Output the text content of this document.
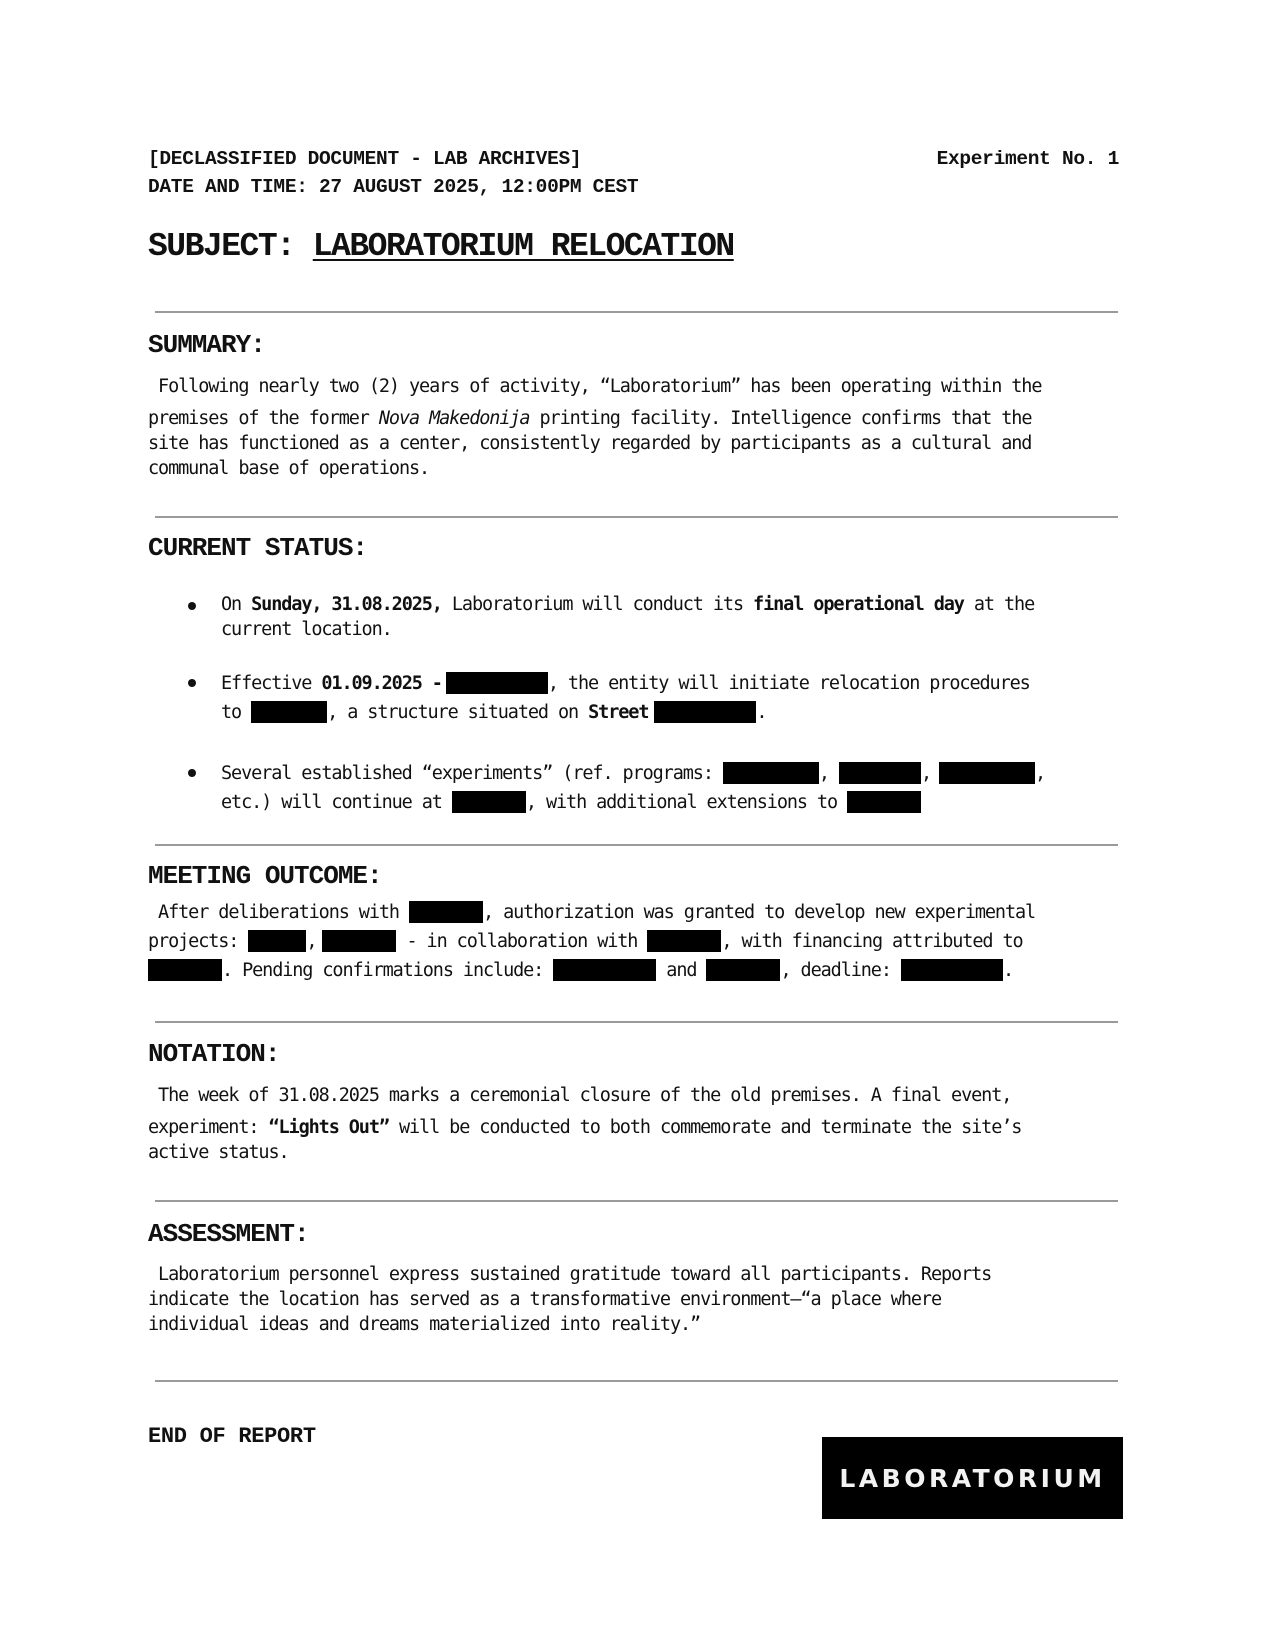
[DECLASSIFIED DOCUMENT - LAB ARCHIVES]
DATE AND TIME: 27 AUGUST 2025, 12:00PM CEST
Experiment No. 1
SUBJECT: LABORATORIUM RELOCATION
SUMMARY:
Following nearly two (2) years of activity, “Laboratorium” has been operating within the
premises of the former Nova Makedonija printing facility. Intelligence confirms that the
site has functioned as a center, consistently regarded by participants as a cultural and
communal base of operations.
CURRENT STATUS:
On Sunday, 31.08.2025, Laboratorium will conduct its final operational day at the
current location.
Effective 01.09.2025 -	, the entity will initiate relocation procedures
to	, a structure situated on Street	.
Several established “experiments” (ref. programs:	,	,	,
etc.) will continue at	, with additional extensions to
MEETING OUTCOME:
After deliberations with	, authorization was granted to develop new experimental
projects:	,	- in collaboration with	, with financing attributed to
. Pending confirmations include:	and	, deadline:	.
NOTATION:
The week of 31.08.2025 marks a ceremonial closure of the old premises. A final event,
experiment: “Lights Out” will be conducted to both commemorate and terminate the site’s
active status.
ASSESSMENT:
Laboratorium personnel express sustained gratitude toward all participants. Reports
indicate the location has served as a transformative environment—“a place where
individual ideas and dreams materialized into reality.”
END OF REPORT
LABORATORIUM
